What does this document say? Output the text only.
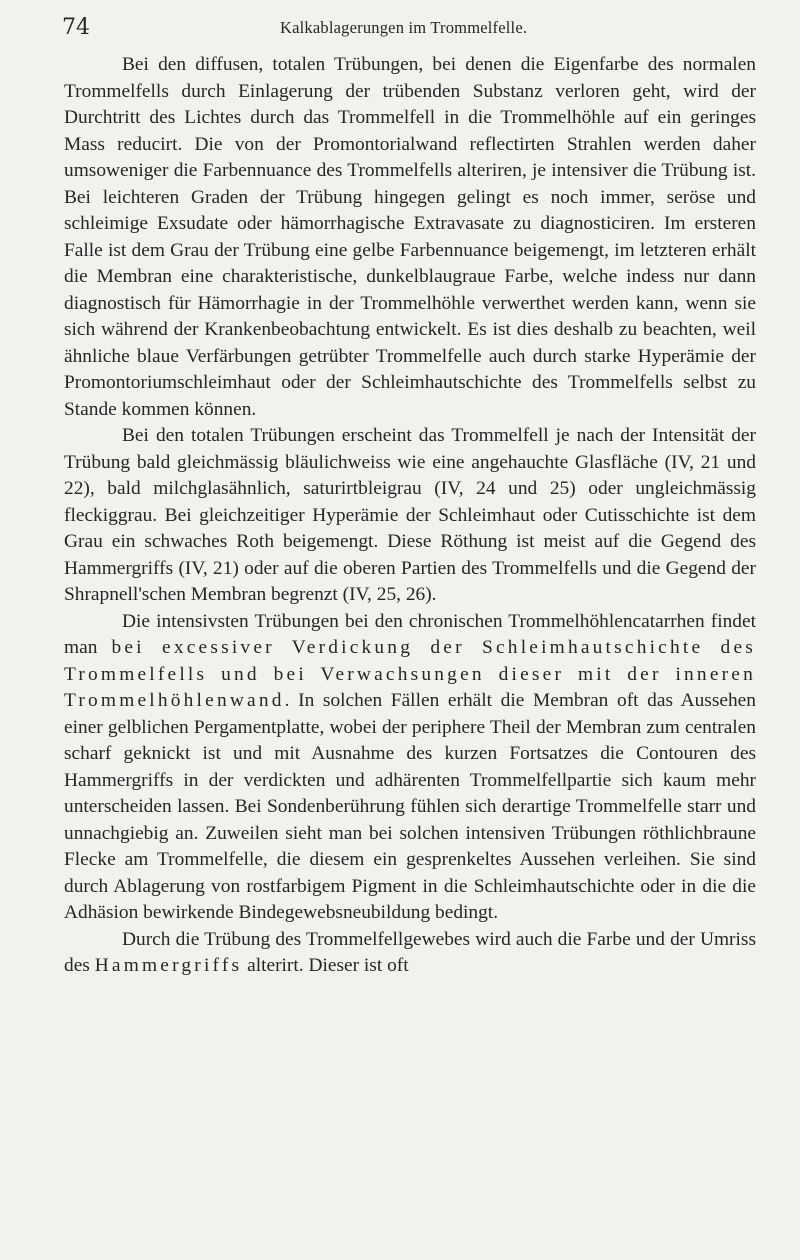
74	Kalkablagerungen im Trommelfelle.

Bei den diffusen, totalen Trübungen, bei denen die Eigenfarbe des normalen Trommelfells durch Einlagerung der trübenden Substanz verloren geht, wird der Durchtritt des Lichtes durch das Trommelfell in die Trommelhöhle auf ein geringes Mass reducirt. Die von der Promontorialwand reflectirten Strahlen werden daher umsoweniger die Farbennuance des Trommelfells alteriren, je intensiver die Trübung ist. Bei leichteren Graden der Trübung hingegen gelingt es noch immer, seröse und schleimige Exsudate oder hämorrhagische Extravasate zu diagnosticiren. Im ersteren Falle ist dem Grau der Trübung eine gelbe Farbennuance beigemengt, im letzteren erhält die Membran eine charakteristische, dunkelblaugraue Farbe, welche indess nur dann diagnostisch für Hämorrhagie in der Trommelhöhle verwerthet werden kann, wenn sie sich während der Krankenbeobachtung entwickelt. Es ist dies deshalb zu beachten, weil ähnliche blaue Verfärbungen getrübter Trommelfelle auch durch starke Hyperämie der Promontoriumschleimhaut oder der Schleimhautschichte des Trommelfells selbst zu Stande kommen können.

Bei den totalen Trübungen erscheint das Trommelfell je nach der Intensität der Trübung bald gleichmässig bläulichweiss wie eine angehauchte Glasfläche (IV, 21 und 22), bald milchglasähnlich, saturirtbleigrau (IV, 24 und 25) oder ungleichmässig fleckiggrau. Bei gleichzeitiger Hyperämie der Schleimhaut oder Cutisschichte ist dem Grau ein schwaches Roth beigemengt. Diese Röthung ist meist auf die Gegend des Hammergriffs (IV, 21) oder auf die oberen Partien des Trommelfells und die Gegend der Shrapnell'schen Membran begrenzt (IV, 25, 26).

Die intensivsten Trübungen bei den chronischen Trommelhöhlencatarrhen findet man bei excessiver Verdickung der Schleimhautschichte des Trommelfells und bei Verwachsungen dieser mit der inneren Trommelhöhlenwand. In solchen Fällen erhält die Membran oft das Aussehen einer gelblichen Pergamentplatte, wobei der periphere Theil der Membran zum centralen scharf geknickt ist und mit Ausnahme des kurzen Fortsatzes die Contouren des Hammergriffs in der verdickten und adhärenten Trommelfellpartie sich kaum mehr unterscheiden lassen. Bei Sondenberührung fühlen sich derartige Trommelfelle starr und unnachgiebig an. Zuweilen sieht man bei solchen intensiven Trübungen röthlichbraune Flecke am Trommelfelle, die diesem ein gesprenkeltes Aussehen verleihen. Sie sind durch Ablagerung von rostfarbigem Pigment in die Schleimhautschichte oder in die die Adhäsion bewirkende Bindegewebsneubildung bedingt.

Durch die Trübung des Trommelfellgewebes wird auch die Farbe und der Umriss des Hammergriffs alterirt. Dieser ist oft
